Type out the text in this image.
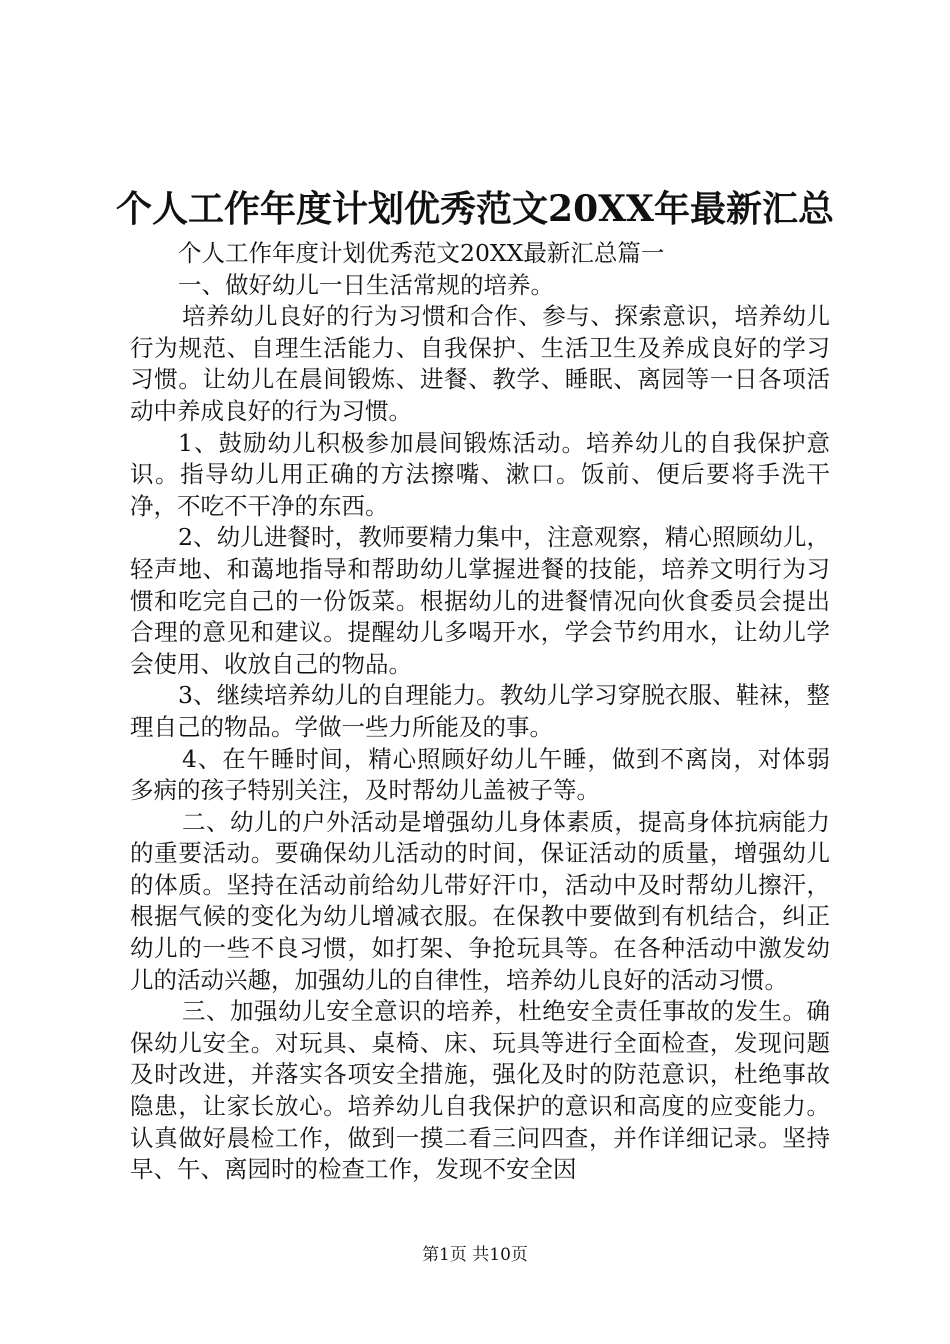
个人工作年度计划优秀范文20XX年最新汇总

个人工作年度计划优秀范文20XX最新汇总篇一

一、做好幼儿一日生活常规的培养。

培养幼儿良好的行为习惯和合作、参与、探索意识，培养幼儿行为规范、自理生活能力、自我保护、生活卫生及养成良好的学习习惯。让幼儿在晨间锻炼、进餐、教学、睡眠、离园等一日各项活动中养成良好的行为习惯。

1、鼓励幼儿积极参加晨间锻炼活动。培养幼儿的自我保护意识。指导幼儿用正确的方法擦嘴、漱口。饭前、便后要将手洗干净，不吃不干净的东西。

2、幼儿进餐时，教师要精力集中，注意观察，精心照顾幼儿，轻声地、和蔼地指导和帮助幼儿掌握进餐的技能，培养文明行为习惯和吃完自己的一份饭菜。根据幼儿的进餐情况向伙食委员会提出合理的意见和建议。提醒幼儿多喝开水，学会节约用水，让幼儿学会使用、收放自己的物品。

3、继续培养幼儿的自理能力。教幼儿学习穿脱衣服、鞋袜，整理自己的物品。学做一些力所能及的事。

4、在午睡时间，精心照顾好幼儿午睡，做到不离岗，对体弱多病的孩子特别关注，及时帮幼儿盖被子等。

二、幼儿的户外活动是增强幼儿身体素质，提高身体抗病能力的重要活动。要确保幼儿活动的时间，保证活动的质量，增强幼儿的体质。坚持在活动前给幼儿带好汗巾，活动中及时帮幼儿擦汗，根据气候的变化为幼儿增减衣服。在保教中要做到有机结合，纠正幼儿的一些不良习惯，如打架、争抢玩具等。在各种活动中激发幼儿的活动兴趣，加强幼儿的自律性，培养幼儿良好的活动习惯。

三、加强幼儿安全意识的培养，杜绝安全责任事故的发生。确保幼儿安全。对玩具、桌椅、床、玩具等进行全面检查，发现问题及时改进，并落实各项安全措施，强化及时的防范意识，杜绝事故隐患，让家长放心。培养幼儿自我保护的意识和高度的应变能力。认真做好晨检工作，做到一摸二看三问四查，并作详细记录。坚持早、午、离园时的检查工作，发现不安全因

第1页 共10页
